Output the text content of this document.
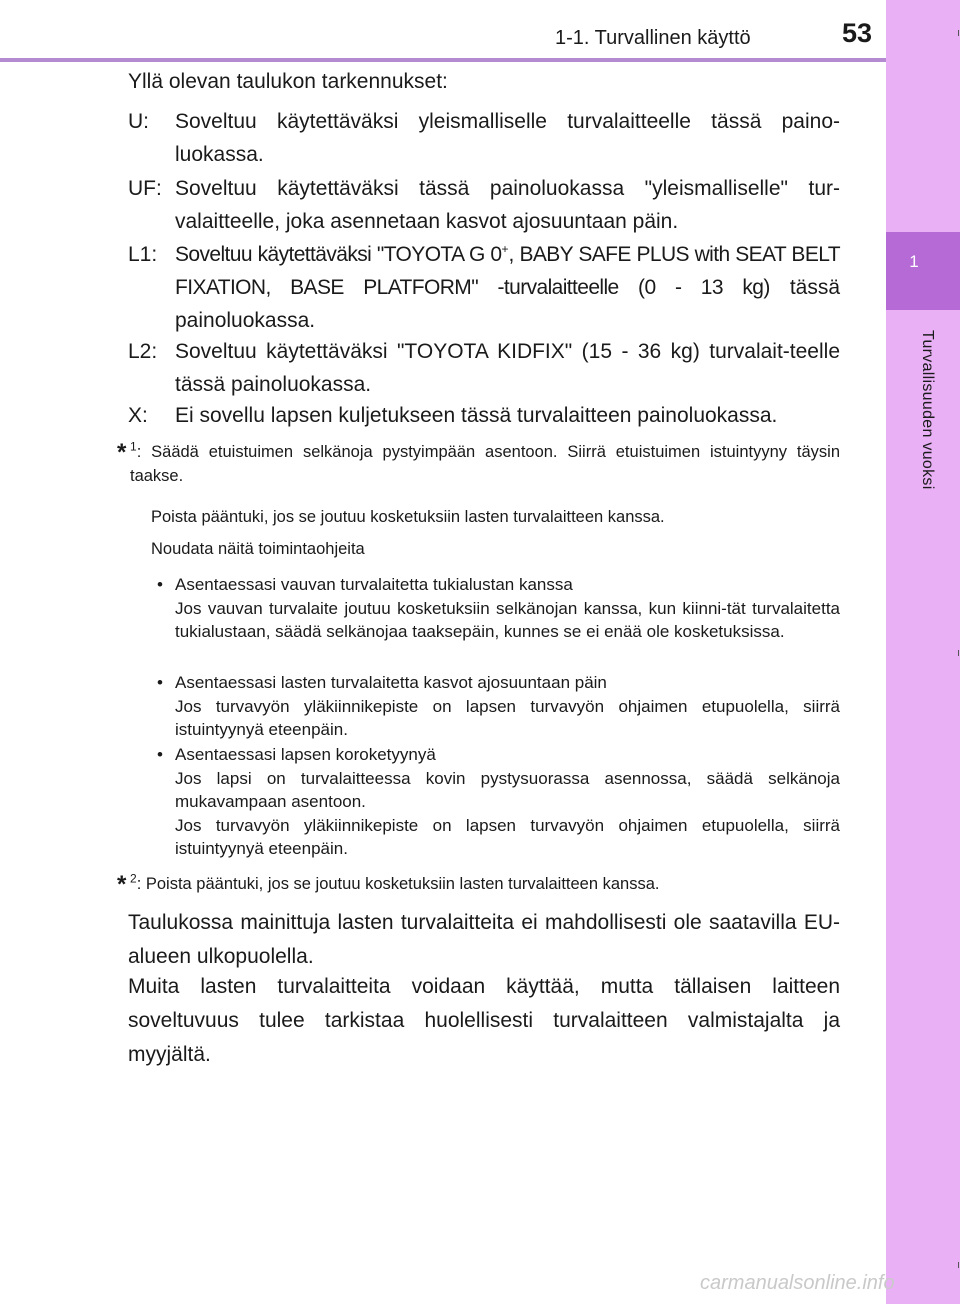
1-1. Turvallinen käyttö	53
1
Turvallisuuden vuoksi
Yllä olevan taulukon tarkennukset:
U: Soveltuu käytettäväksi yleismalliselle turvalaitteelle tässä paino-luokassa.
UF: Soveltuu käytettäväksi tässä painoluokassa "yleismalliselle" tur-valaitteelle, joka asennetaan kasvot ajosuuntaan päin.
L1: Soveltuu käytettäväksi "TOYOTA G 0+, BABY SAFE PLUS with SEAT BELT FIXATION, BASE PLATFORM" -turvalaitteelle (0 - 13 kg) tässä painoluokassa.
L2: Soveltuu käytettäväksi "TOYOTA KIDFIX" (15 - 36 kg) turvalait-teelle tässä painoluokassa.
X: Ei sovellu lapsen kuljetukseen tässä turvalaitteen painoluokassa.
* $^1$: Säädä etuistuimen selkänoja pystyimpään asentoon. Siirrä etuistuimen istuintyyny täysin taakse.
Poista pääntuki, jos se joutuu kosketuksiin lasten turvalaitteen kanssa.
Noudata näitä toimintaohjeita
• Asentaessasi vauvan turvalaitetta tukialustan kanssa
Jos vauvan turvalaite joutuu kosketuksiin selkänojan kanssa, kun kiinni-tät turvalaitetta tukialustaan, säädä selkänojaa taaksepäin, kunnes se ei enää ole kosketuksissa.
• Asentaessasi lasten turvalaitetta kasvot ajosuuntaan päin
Jos turvavyön yläkiinnikepiste on lapsen turvavyön ohjaimen etupuolella, siirrä istuintyynyä eteenpäin.
• Asentaessasi lapsen koroketyynyä
Jos lapsi on turvalaitteessa kovin pystysuorassa asennossa, säädä selkänoja mukavampaan asentoon.
Jos turvavyön yläkiinnikepiste on lapsen turvavyön ohjaimen etupuolella, siirrä istuintyynyä eteenpäin.
* $^2$: Poista pääntuki, jos se joutuu kosketuksiin lasten turvalaitteen kanssa.
Taulukossa mainittuja lasten turvalaitteita ei mahdollisesti ole saatavilla EU-alueen ulkopuolella.
Muita lasten turvalaitteita voidaan käyttää, mutta tällaisen laitteen soveltuvuus tulee tarkistaa huolellisesti turvalaitteen valmistajalta ja myyjältä.
carmanualsonline.info
